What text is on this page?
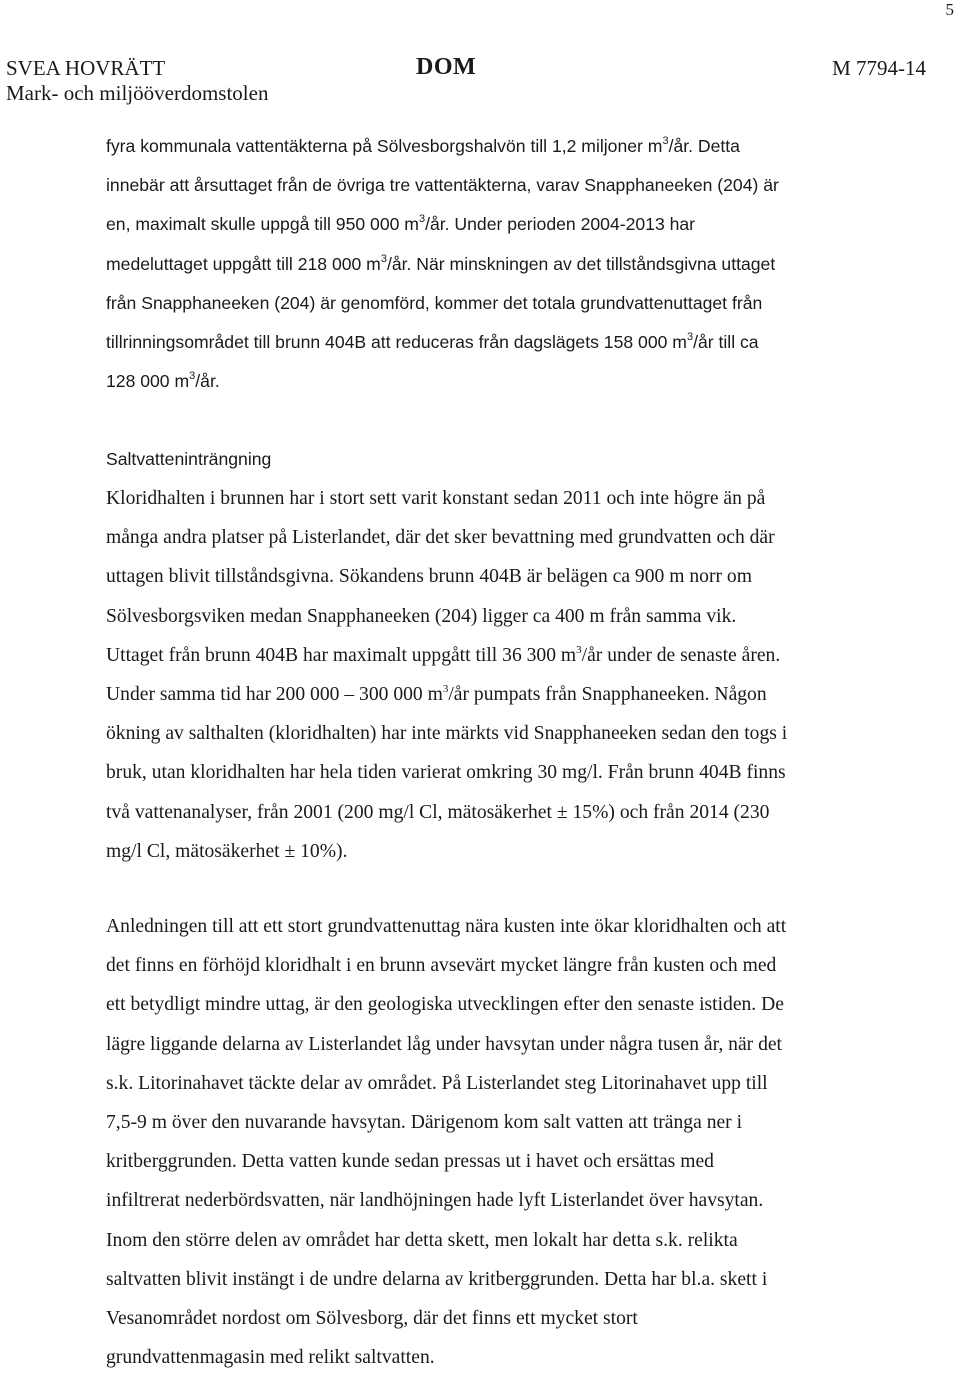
5
SVEA HOVRÄTT
Mark- och miljööverdomstolen
DOM	M 7794-14
fyra kommunala vattentäkterna på Sölvesborgshalvön till 1,2 miljoner $m^3/år$. Detta
innebär att årsuttaget från de övriga tre vattentäkterna, varav Snapphaneeken (204) är
en, maximalt skulle uppgå till 950 000 $m^3/år$. Under perioden 2004-2013 har
medeluttaget uppgått till 218 000 $m^3/år$. När minskningen av det tillståndsgivna uttaget
från Snapphaneeken (204) är genomförd, kommer det totala grundvattenuttaget från
tillrinningsområdet till brunn 404B att reduceras från dagslägets 158 000 $m^3/år$ till ca
128 000 $m^3/år$.
Saltvatteninträngning
Kloridhalten i brunnen har i stort sett varit konstant sedan 2011 och inte högre än på
många andra platser på Listerlandet, där det sker bevattning med grundvatten och där
uttagen blivit tillståndsgivna. Sökandens brunn 404B är belägen ca 900 m norr om
Sölvesborgsviken medan Snapphaneeken (204) ligger ca 400 m från samma vik.
Uttaget från brunn 404B har maximalt uppgått till 36 300 $m^3/år$ under de senaste åren.
Under samma tid har 200 000 – 300 000 $m^3/år$ pumpats från Snapphaneeken. Någon
ökning av salthalten (kloridhalten) har inte märkts vid Snapphaneeken sedan den togs i
bruk, utan kloridhalten har hela tiden varierat omkring 30 mg/l. Från brunn 404B finns
två vattenanalyser, från 2001 (200 mg/l Cl, mätosäkerhet ± 15%) och från 2014 (230
mg/l Cl, mätosäkerhet ± 10%).
Anledningen till att ett stort grundvattenuttag nära kusten inte ökar kloridhalten och att
det finns en förhöjd kloridhalt i en brunn avsevärt mycket längre från kusten och med
ett betydligt mindre uttag, är den geologiska utvecklingen efter den senaste istiden. De
lägre liggande delarna av Listerlandet låg under havsytan under några tusen år, när det
s.k. Litorinahavet täckte delar av området. På Listerlandet steg Litorinahavet upp till
7,5-9 m över den nuvarande havsytan. Därigenom kom salt vatten att tränga ner i
kritberggrunden. Detta vatten kunde sedan pressas ut i havet och ersättas med
infiltrerat nederbördsvatten, när landhöjningen hade lyft Listerlandet över havsytan.
Inom den större delen av området har detta skett, men lokalt har detta s.k. relikta
saltvatten blivit instängt i de undre delarna av kritberggrunden. Detta har bl.a. skett i
Vesanområdet nordost om Sölvesborg, där det finns ett mycket stort
grundvattenmagasin med relikt saltvatten.
